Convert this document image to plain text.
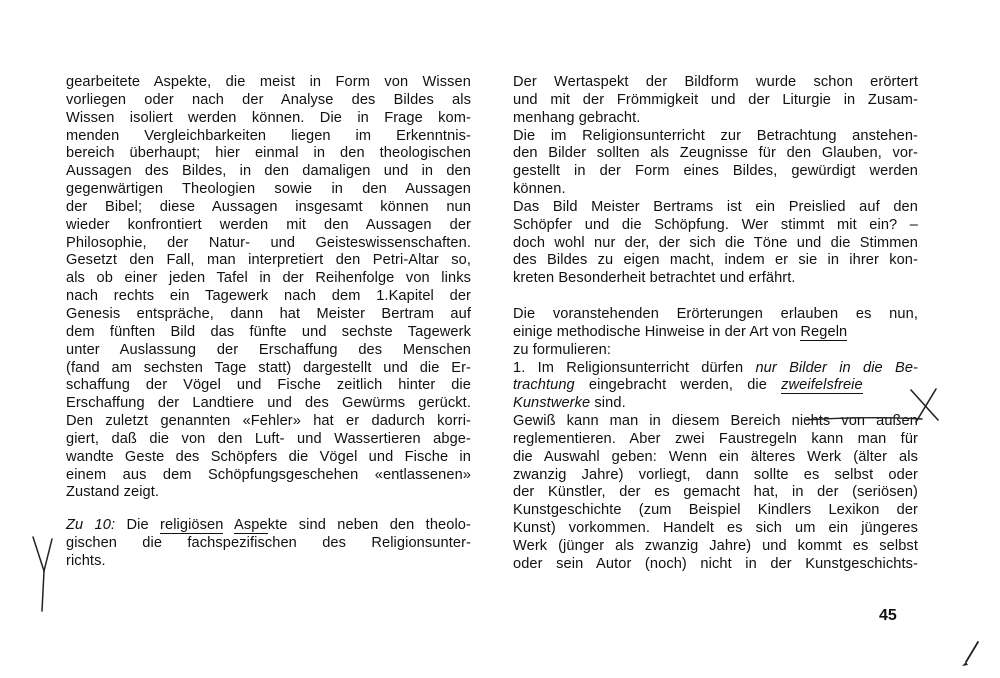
gearbeitete Aspekte, die meist in Form von Wissen
vorliegen oder nach der Analyse des Bildes als
Wissen isoliert werden können. Die in Frage kom-
menden Vergleichbarkeiten liegen im Erkenntnis-
bereich überhaupt; hier einmal in den theologischen
Aussagen des Bildes, in den damaligen und in den
gegenwärtigen Theologien sowie in den Aussagen
der Bibel; diese Aussagen insgesamt können nun
wieder konfrontiert werden mit den Aussagen der
Philosophie, der Natur- und Geisteswissenschaften.
Gesetzt den Fall, man interpretiert den Petri-Altar so,
als ob einer jeden Tafel in der Reihenfolge von links
nach rechts ein Tagewerk nach dem 1.Kapitel der
Genesis entspräche, dann hat Meister Bertram auf
dem fünften Bild das fünfte und sechste Tagewerk
unter Auslassung der Erschaffung des Menschen
(fand am sechsten Tage statt) dargestellt und die Er-
schaffung der Vögel und Fische zeitlich hinter die
Erschaffung der Landtiere und des Gewürms gerückt.
Den zuletzt genannten «Fehler» hat er dadurch korri-
giert, daß die von den Luft- und Wassertieren abge-
wandte Geste des Schöpfers die Vögel und Fische in
einem aus dem Schöpfungsgeschehen «entlassenen»
Zustand zeigt.
Zu 10: Die religiösen Aspekte sind neben den theolo-
gischen die fachspezifischen des Religionsunter-
richts.
Der Wertaspekt der Bildform wurde schon erörtert
und mit der Frömmigkeit und der Liturgie in Zusam-
menhang gebracht.
Die im Religionsunterricht zur Betrachtung anstehen-
den Bilder sollten als Zeugnisse für den Glauben, vor-
gestellt in der Form eines Bildes, gewürdigt werden
können.
Das Bild Meister Bertrams ist ein Preislied auf den
Schöpfer und die Schöpfung. Wer stimmt mit ein? –
doch wohl nur der, der sich die Töne und die Stimmen
des Bildes zu eigen macht, indem er sie in ihrer kon-
kreten Besonderheit betrachtet und erfährt.
Die voranstehenden Erörterungen erlauben es nun,
einige methodische Hinweise in der Art von Regeln
zu formulieren:
1. Im Religionsunterricht dürfen nur Bilder in die Be-
trachtung eingebracht werden, die zweifelsfreie
Kunstwerke sind.
Gewiß kann man in diesem Bereich nichts von außen
reglementieren. Aber zwei Faustregeln kann man für
die Auswahl geben: Wenn ein älteres Werk (älter als
zwanzig Jahre) vorliegt, dann sollte es selbst oder
der Künstler, der es gemacht hat, in der (seriösen)
Kunstgeschichte (zum Beispiel Kindlers Lexikon der
Kunst) vorkommen. Handelt es sich um ein jüngeres
Werk (jünger als zwanzig Jahre) und kommt es selbst
oder sein Autor (noch) nicht in der Kunstgeschichts-
45
